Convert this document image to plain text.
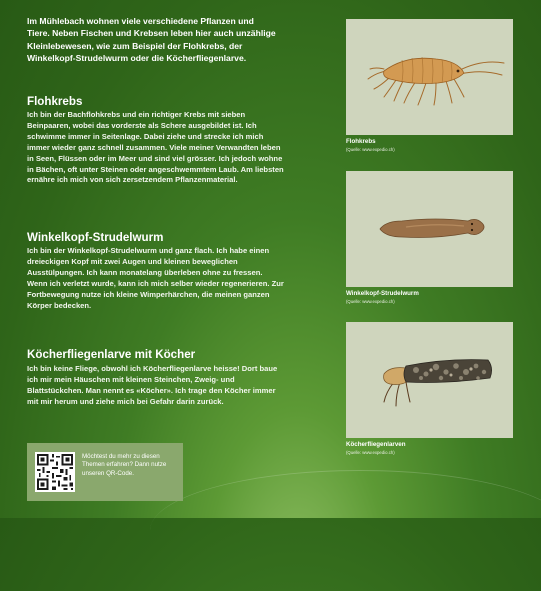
Im Mühlebach wohnen viele verschiedene Pflanzen und Tiere. Neben Fischen und Krebsen leben hier auch unzählige Kleinlebewesen, wie zum Beispiel der Flohkrebs, der Winkelkopf-Strudelwurm oder die Köcherfliegenlarve.

Flohkrebs

Ich bin der Bachflohkrebs und ein richtiger Krebs mit sieben Beinpaaren, wobei das vorderste als Schere ausgebildet ist. Ich schwimme immer in Seitenlage. Dabei ziehe und strecke ich mich immer wieder ganz schnell zusammen. Viele meiner Verwandten leben in Seen, Flüssen oder im Meer und sind viel grösser. Ich jedoch wohne in Bächen, oft unter Steinen oder angeschwemmtem Laub. Am liebsten ernähre ich mich von sich zersetzendem Pflanzenmaterial.

Winkelkopf-Strudelwurm

Ich bin der Winkelkopf-Strudelwurm und ganz flach. Ich habe einen dreieckigen Kopf mit zwei Augen und kleinen beweglichen Ausstülpungen. Ich kann monatelang überleben ohne zu fressen. Wenn ich verletzt wurde, kann ich mich selber wieder regenerieren. Zur Fortbewegung nutze ich kleine Wimperhärchen, die meinen ganzen Körper bedecken.

Köcherfliegenlarve mit Köcher

Ich bin keine Fliege, obwohl ich Köcherfliegenlarve heisse! Dort baue ich mir mein Häuschen mit kleinen Steinchen, Zweig- und Blattstückchen. Man nennt es «Köcher». Ich trage den Köcher immer mit mir herum und ziehe mich bei Gefahr darin zurück.

Flohkrebs

(Quelle: www.expedio.ch)

Winkelkopf-Strudelwurm

(Quelle: www.expedio.ch)

Köcherfliegenlarven

(Quelle: www.expedio.ch)

Möchtest du mehr zu diesen Themen erfahren? Dann nutze unseren QR-Code.
